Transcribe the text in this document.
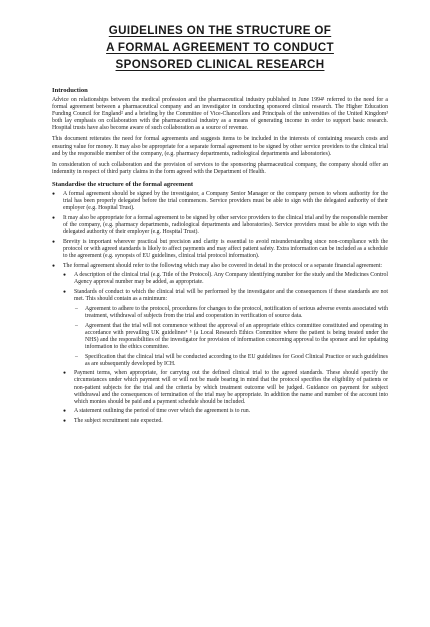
GUIDELINES ON THE STRUCTURE OF
A FORMAL AGREEMENT TO CONDUCT
SPONSORED CLINICAL RESEARCH
Introduction

Advice on relationships between the medical profession and the pharmaceutical industry published in June 1994¹ referred to the need for a formal agreement between a pharmaceutical company and an investigator in conducting sponsored clinical research. The Higher Education Funding Council for England² and a briefing by the Committee of Vice-Chancellors and Principals of the universities of the United Kingdom³ both lay emphasis on collaboration with the pharmaceutical industry as a means of generating income in order to support basic research. Hospital trusts have also become aware of such collaboration as a source of revenue.

This document reiterates the need for formal agreements and suggests items to be included in the interests of containing research costs and ensuring value for money. It may also be appropriate for a separate formal agreement to be signed by other service providers to the clinical trial and by the responsible member of the company, (e.g. pharmacy departments, radiological departments and laboratories).

In consideration of such collaboration and the provision of services to the sponsoring pharmaceutical company, the company should offer an indemnity in respect of third party claims in the form agreed with the Department of Health.

Standardise the structure of the formal agreement
● A formal agreement should be signed by the investigator, a Company Senior Manager or the company person to whom authority for the trial has been properly delegated before the trial commences. Service providers must be able to sign with the delegated authority of their employer (e.g. Hospital Trust).
● It may also be appropriate for a formal agreement to be signed by other service providers to the clinical trial and by the responsible member of the company, (e.g. pharmacy departments, radiological departments and laboratories). Service providers must be able to sign with the delegated authority of their employer (e.g. Hospital Trust).
● Brevity is important wherever practical but precision and clarity is essential to avoid misunderstanding since non-compliance with the protocol or with agreed standards is likely to affect payments and may affect patient safety. Extra information can be included as a schedule to the agreement (e.g. synopsis of EU guidelines, clinical trial protocol information).
● The formal agreement should refer to the following which may also be covered in detail in the protocol or a separate financial agreement:
● A description of the clinical trial (e.g. Title of the Protocol). Any Company identifying number for the study and the Medicines Control Agency approval number may be added, as appropriate.
● Standards of conduct to which the clinical trial will be performed by the investigator and the consequences if these standards are not met. This should contain as a minimum:
– Agreement to adhere to the protocol, procedures for changes to the protocol, notification of serious adverse events associated with treatment, withdrawal of subjects from the trial and cooperation in verification of source data.
– Agreement that the trial will not commence without the approval of an appropriate ethics committee constituted and operating in accordance with prevailing UK guidelines⁴ ⁵ (a Local Research Ethics Committee where the patient is being treated under the NHS) and the responsibilities of the investigator for provision of information concerning approval to the sponsor and for updating information to the ethics committee.
– Specification that the clinical trial will be conducted according to the EU guidelines for Good Clinical Practice or such guidelines as are subsequently developed by ICH.
● Payment terms, when appropriate, for carrying out the defined clinical trial to the agreed standards. These should specify the circumstances under which payment will or will not be made bearing in mind that the protocol specifies the eligibility of patients or non-patient subjects for the trial and the criteria by which treatment outcome will be judged. Guidance on payment for subject withdrawal and the consequences of termination of the trial may be appropriate. In addition the name and number of the account into which monies should be paid and a payment schedule should be included.
● A statement outlining the period of time over which the agreement is to run.
● The subject recruitment rate expected.
